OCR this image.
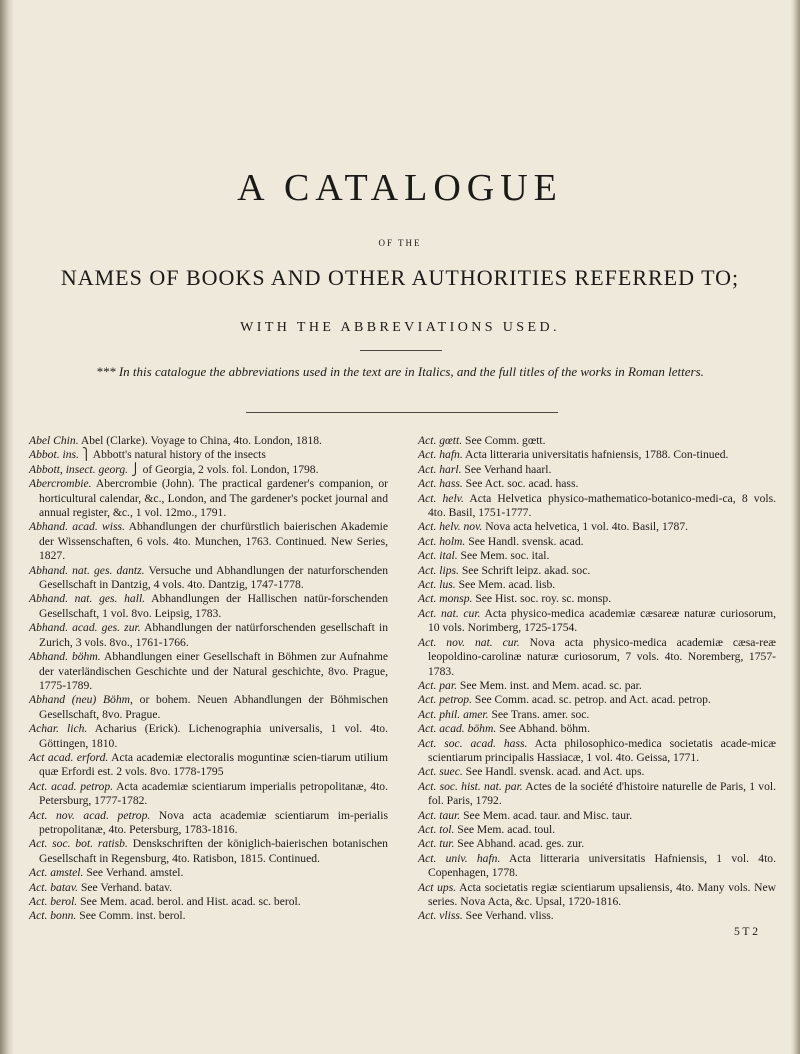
A CATALOGUE
OF THE
NAMES OF BOOKS AND OTHER AUTHORITIES REFERRED TO;
WITH THE ABBREVIATIONS USED.
*** In this catalogue the abbreviations used in the text are in Italics, and the full titles of the works in Roman letters.

Abel Chin. Abel (Clarke). Voyage to China, 4to. London, 1818.

Abbot. ins. ⎫ Abbott's natural history of the insects

Abbott, insect. georg. ⎭ of Georgia, 2 vols. fol. London, 1798.

Abercrombie. Abercrombie (John). The practical gardener's companion, or horticultural calendar, &c., London, and The gardener's pocket journal and annual register, &c., 1 vol. 12mo., 1791.

Abhand. acad. wiss. Abhandlungen der churfürstlich baierischen Akademie der Wissenschaften, 6 vols. 4to. Munchen, 1763. Continued. New Series, 1827.

Abhand. nat. ges. dantz. Versuche und Abhandlungen der naturforschenden Gesellschaft in Dantzig, 4 vols. 4to. Dantzig, 1747-1778.

Abhand. nat. ges. hall. Abhandlungen der Hallischen natür-forschenden Gesellschaft, 1 vol. 8vo. Leipsig, 1783.

Abhand. acad. ges. zur. Abhandlungen der natürforschenden gesellschaft in Zurich, 3 vols. 8vo., 1761-1766.

Abhand. böhm. Abhandlungen einer Gesellschaft in Böhmen zur Aufnahme der vaterländischen Geschichte und der Natural geschichte, 8vo. Prague, 1775-1789.

Abhand (neu) Böhm, or bohem. Neuen Abhandlungen der Böhmischen Gesellschaft, 8vo. Prague.

Achar. lich. Acharius (Erick). Lichenographia universalis, 1 vol. 4to. Göttingen, 1810.

Act acad. erford. Acta academiæ electoralis moguntinæ scien-tiarum utilium quæ Erfordi est. 2 vols. 8vo. 1778-1795

Act. acad. petrop. Acta academiæ scientiarum imperialis petropolitanæ, 4to. Petersburg, 1777-1782.

Act. nov. acad. petrop. Nova acta academiæ scientiarum im-perialis petropolitanæ, 4to. Petersburg, 1783-1816.

Act. soc. bot. ratisb. Denskschriften der königlich-baierischen botanischen Gesellschaft in Regensburg, 4to. Ratisbon, 1815. Continued.

Act. amstel. See Verhand. amstel.

Act. batav. See Verhand. batav.

Act. berol. See Mem. acad. berol. and Hist. acad. sc. berol.

Act. bonn. See Comm. inst. berol.

Act. gœtt. See Comm. gœtt.

Act. hafn. Acta litteraria universitatis hafniensis, 1788. Con-tinued.

Act. harl. See Verhand haarl.

Act. hass. See Act. soc. acad. hass.

Act. helv. Acta Helvetica physico-mathematico-botanico-medi-ca, 8 vols. 4to. Basil, 1751-1777.

Act. helv. nov. Nova acta helvetica, 1 vol. 4to. Basil, 1787.

Act. holm. See Handl. svensk. acad.

Act. ital. See Mem. soc. ital.

Act. lips. See Schrift leipz. akad. soc.

Act. lus. See Mem. acad. lisb.

Act. monsp. See Hist. soc. roy. sc. monsp.

Act. nat. cur. Acta physico-medica academiæ cæsareæ naturæ curiosorum, 10 vols. Norimberg, 1725-1754.

Act. nov. nat. cur. Nova acta physico-medica academiæ cæsa-reæ leopoldino-carolinæ naturæ curiosorum, 7 vols. 4to. Noremberg, 1757-1783.

Act. par. See Mem. inst. and Mem. acad. sc. par.

Act. petrop. See Comm. acad. sc. petrop. and Act. acad. petrop.

Act. phil. amer. See Trans. amer. soc.

Act. acad. böhm. See Abhand. böhm.

Act. soc. acad. hass. Acta philosophico-medica societatis acade-micæ scientiarum principalis Hassiacæ, 1 vol. 4to. Geissa, 1771.

Act. suec. See Handl. svensk. acad. and Act. ups.

Act. soc. hist. nat. par. Actes de la société d'histoire naturelle de Paris, 1 vol. fol. Paris, 1792.

Act. taur. See Mem. acad. taur. and Misc. taur.

Act. tol. See Mem. acad. toul.

Act. tur. See Abhand. acad. ges. zur.

Act. univ. hafn. Acta litteraria universitatis Hafniensis, 1 vol. 4to. Copenhagen, 1778.

Act ups. Acta societatis regiæ scientiarum upsaliensis, 4to. Many vols. New series. Nova Acta, &c. Upsal, 1720-1816.

Act. vliss. See Verhand. vliss.

5 T 2
